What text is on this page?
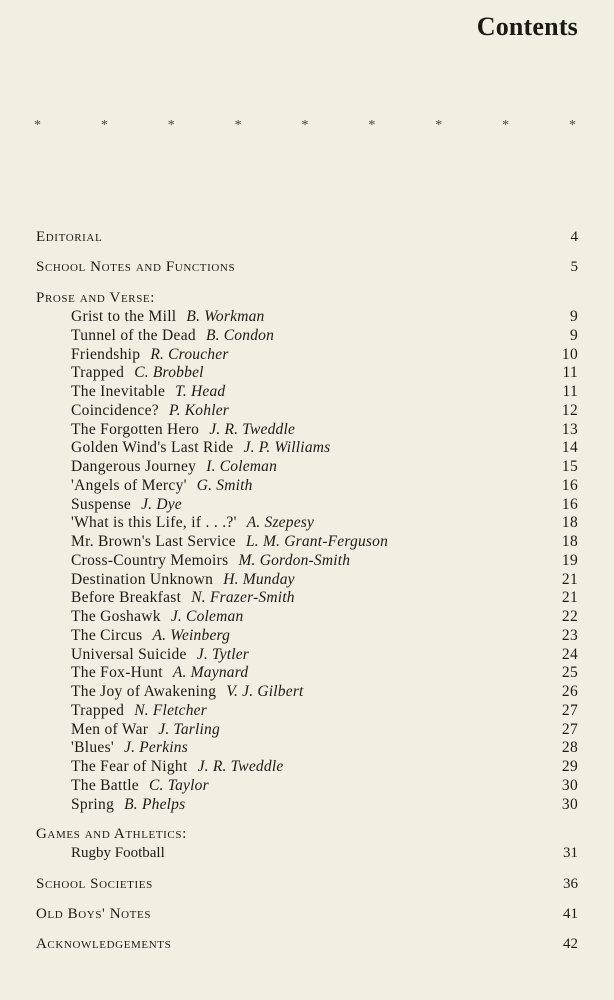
Contents
*	*	*	*	*	*	*	*	*
Editorial	4
School Notes and Functions	5
Prose and Verse:
Grist to the Mill B. Workman	9
Tunnel of the Dead B. Condon	9
Friendship R. Croucher	10
Trapped C. Brobbel	11
The Inevitable T. Head	11
Coincidence? P. Kohler	12
The Forgotten Hero J. R. Tweddle	13
Golden Wind's Last Ride J. P. Williams	14
Dangerous Journey I. Coleman	15
'Angels of Mercy' G. Smith	16
Suspense J. Dye	16
'What is this Life, if . . .?' A. Szepesy	18
Mr. Brown's Last Service L. M. Grant-Ferguson	18
Cross-Country Memoirs M. Gordon-Smith	19
Destination Unknown H. Munday	21
Before Breakfast N. Frazer-Smith	21
The Goshawk J. Coleman	22
The Circus A. Weinberg	23
Universal Suicide J. Tytler	24
The Fox-Hunt A. Maynard	25
The Joy of Awakening V. J. Gilbert	26
Trapped N. Fletcher	27
Men of War J. Tarling	27
'Blues' J. Perkins	28
The Fear of Night J. R. Tweddle	29
The Battle C. Taylor	30
Spring B. Phelps	30
Games and Athletics:
Rugby Football	31
School Societies	36
Old Boys' Notes	41
Acknowledgements	42
